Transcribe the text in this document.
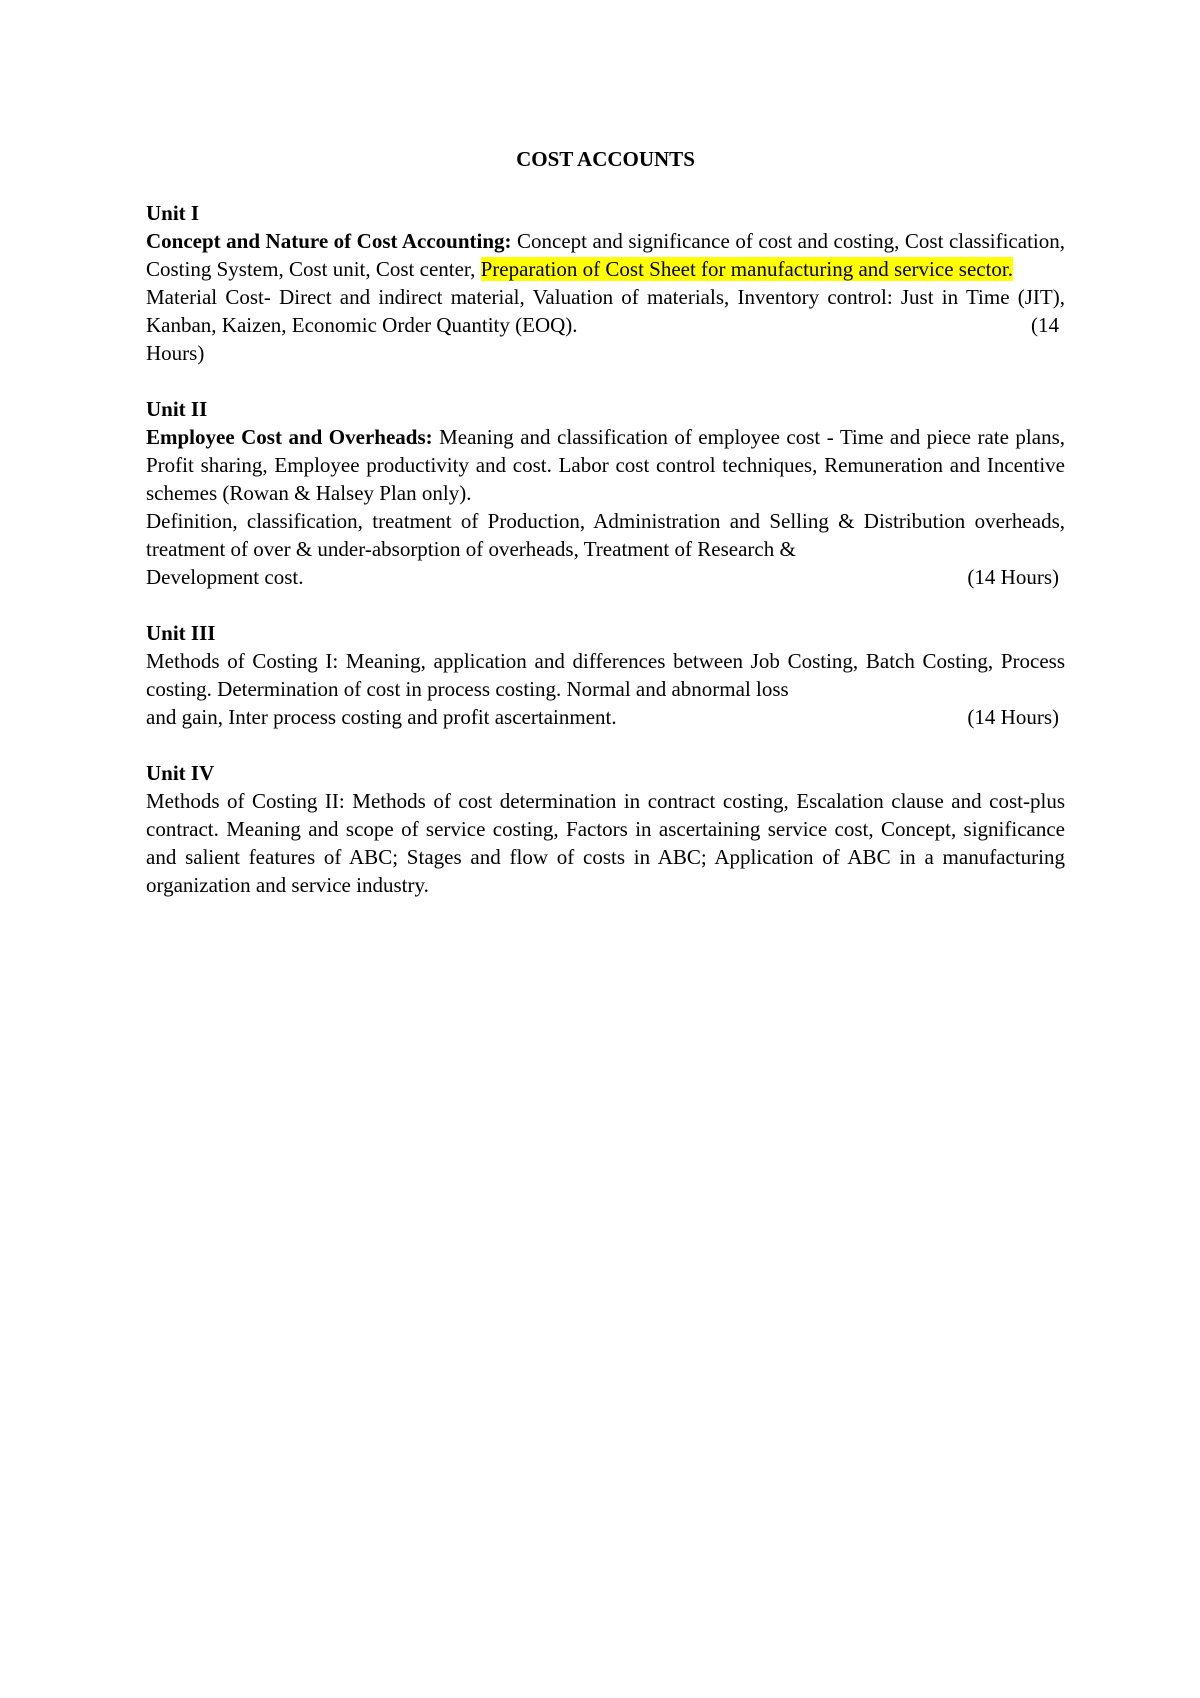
COST ACCOUNTS
Unit I

Concept and Nature of Cost Accounting: Concept and significance of cost and costing, Cost classification, Costing System, Cost unit, Cost center, Preparation of Cost Sheet for manufacturing and service sector.

Material Cost- Direct and indirect material, Valuation of materials, Inventory control: Just in Time (JIT), Kanban, Kaizen, Economic Order Quantity (EOQ).	(14

Hours)

Unit II

Employee Cost and Overheads: Meaning and classification of employee cost - Time and piece rate plans, Profit sharing, Employee productivity and cost. Labor cost control techniques, Remuneration and Incentive schemes (Rowan & Halsey Plan only).

Definition, classification, treatment of Production, Administration and Selling & Distribution overheads, treatment of over & under-absorption of overheads, Treatment of Research &

Development cost.	(14 Hours)
Unit III

Methods of Costing I: Meaning, application and differences between Job Costing, Batch Costing, Process costing. Determination of cost in process costing. Normal and abnormal loss

and gain, Inter process costing and profit ascertainment.	(14 Hours)
Unit IV

Methods of Costing II: Methods of cost determination in contract costing, Escalation clause and cost-plus contract. Meaning and scope of service costing, Factors in ascertaining service cost, Concept, significance and salient features of ABC; Stages and flow of costs in ABC; Application of ABC in a manufacturing organization and service industry.
